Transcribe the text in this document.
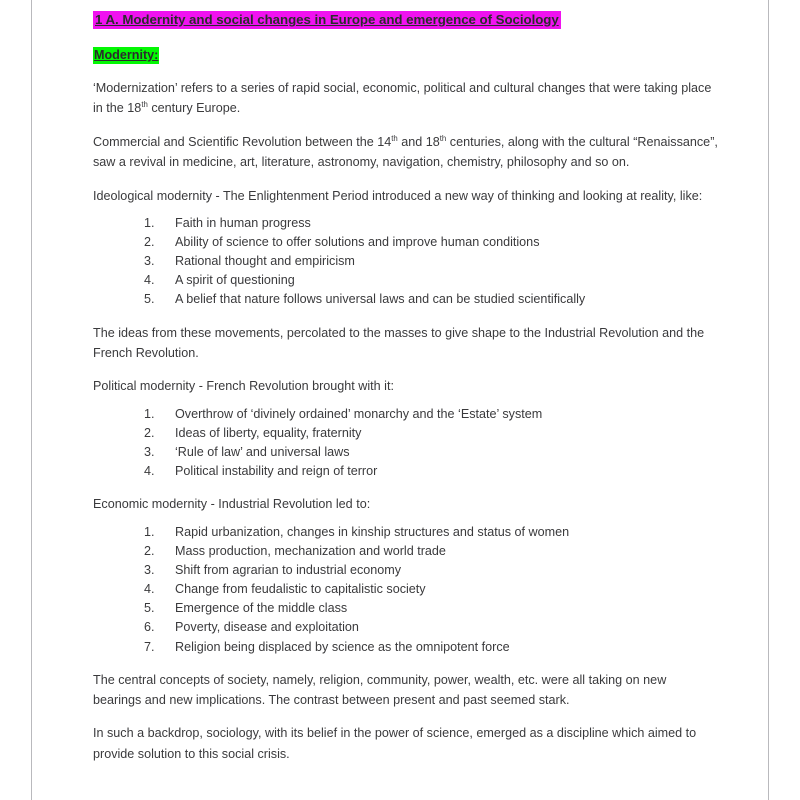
1 A. Modernity and social changes in Europe and emergence of Sociology
Modernity:

‘Modernization’ refers to a series of rapid social, economic, political and cultural changes that were taking place in the 18th century Europe.

Commercial and Scientific Revolution between the 14th and 18th centuries, along with the cultural “Renaissance”, saw a revival in medicine, art, literature, astronomy, navigation, chemistry, philosophy and so on.

Ideological modernity - The Enlightenment Period introduced a new way of thinking and looking at reality, like:

Faith in human progress
Ability of science to offer solutions and improve human conditions
Rational thought and empiricism
A spirit of questioning
A belief that nature follows universal laws and can be studied scientifically

The ideas from these movements, percolated to the masses to give shape to the Industrial Revolution and the French Revolution.

Political modernity - French Revolution brought with it:

Overthrow of ‘divinely ordained’ monarchy and the ‘Estate’ system
Ideas of liberty, equality, fraternity
‘Rule of law’ and universal laws
Political instability and reign of terror

Economic modernity - Industrial Revolution led to:

Rapid urbanization, changes in kinship structures and status of women
Mass production, mechanization and world trade
Shift from agrarian to industrial economy
Change from feudalistic to capitalistic society
Emergence of the middle class
Poverty, disease and exploitation
Religion being displaced by science as the omnipotent force

The central concepts of society, namely, religion, community, power, wealth, etc. were all taking on new bearings and new implications. The contrast between present and past seemed stark.

In such a backdrop, sociology, with its belief in the power of science, emerged as a discipline which aimed to provide solution to this social crisis.
